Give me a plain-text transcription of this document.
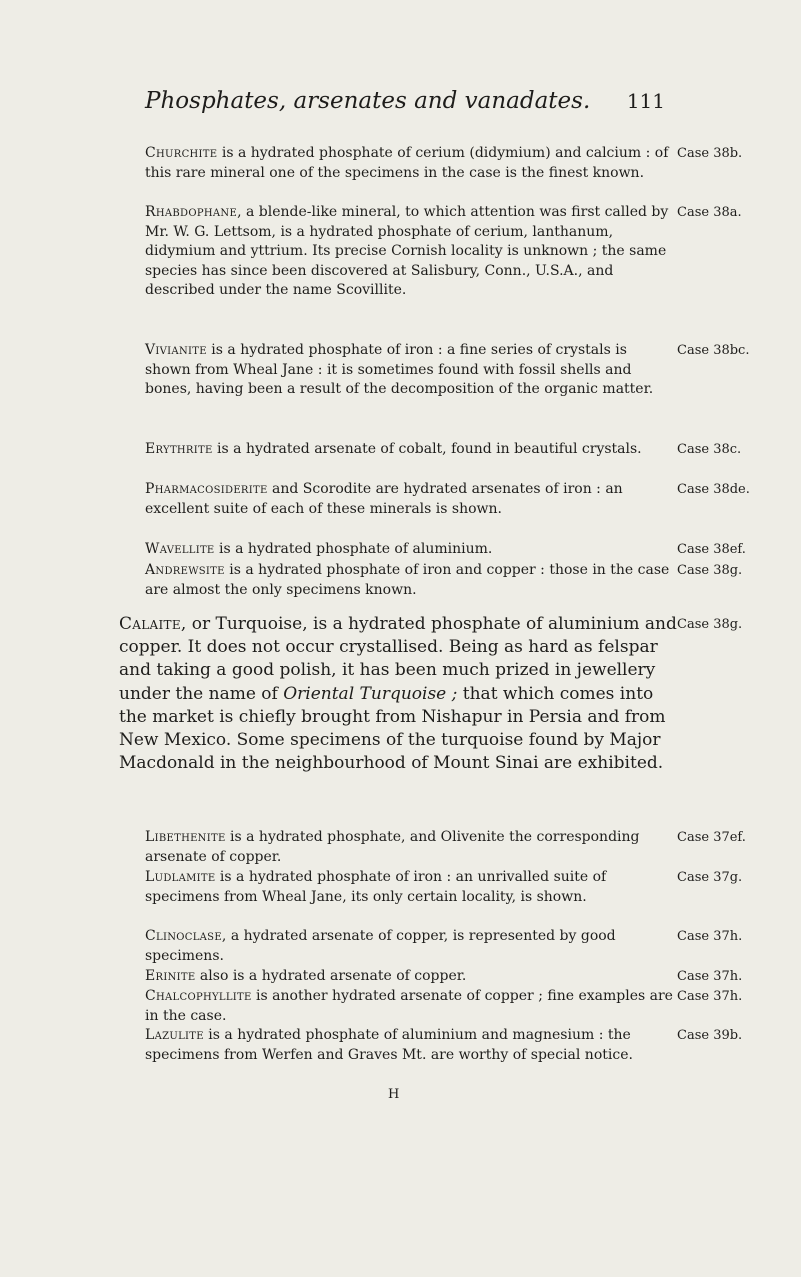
Phosphates, arsenates and vanadates. 111
Churchite is a hydrated phosphate of cerium (didymium) and calcium : of this rare mineral one of the specimens in the case is the finest known.
Case 38b.
Rhabdophane, a blende-like mineral, to which attention was first called by Mr. W. G. Lettsom, is a hydrated phosphate of cerium, lanthanum, didymium and yttrium. Its precise Cornish locality is unknown ; the same species has since been discovered at Salisbury, Conn., U.S.A., and described under the name Scovillite.
Case 38a.
Vivianite is a hydrated phosphate of iron : a fine series of crystals is shown from Wheal Jane : it is sometimes found with fossil shells and bones, having been a result of the decomposition of the organic matter.
Case 38bc.
Erythrite is a hydrated arsenate of cobalt, found in beautiful crystals.	Case 38c.
Pharmacosiderite and Scorodite are hydrated arsenates of iron : an excellent suite of each of these minerals is shown.
Case 38de.
Wavellite is a hydrated phosphate of aluminium.	Case 38ef.
Andrewsite is a hydrated phosphate of iron and copper : those in the case are almost the only specimens known.
Case 38g.
Calaite, or Turquoise, is a hydrated phosphate of aluminium and copper. It does not occur crystallised. Being as hard as felspar and taking a good polish, it has been much prized in jewellery under the name of Oriental Turquoise ; that which comes into the market is chiefly brought from Nishapur in Persia and from New Mexico. Some specimens of the turquoise found by Major Macdonald in the neighbourhood of Mount Sinai are exhibited.
Case 38g.
Libethenite is a hydrated phosphate, and Olivenite the corresponding arsenate of copper.
Case 37ef.
Ludlamite is a hydrated phosphate of iron : an unrivalled suite of specimens from Wheal Jane, its only certain locality, is shown.
Case 37g.
Clinoclase, a hydrated arsenate of copper, is represented by good specimens.
Case 37h.
Erinite also is a hydrated arsenate of copper.	Case 37h.
Chalcophyllite is another hydrated arsenate of copper ; fine examples are in the case.
Case 37h.
Lazulite is a hydrated phosphate of aluminium and magnesium : the specimens from Werfen and Graves Mt. are worthy of special notice.
Case 39b.
H
